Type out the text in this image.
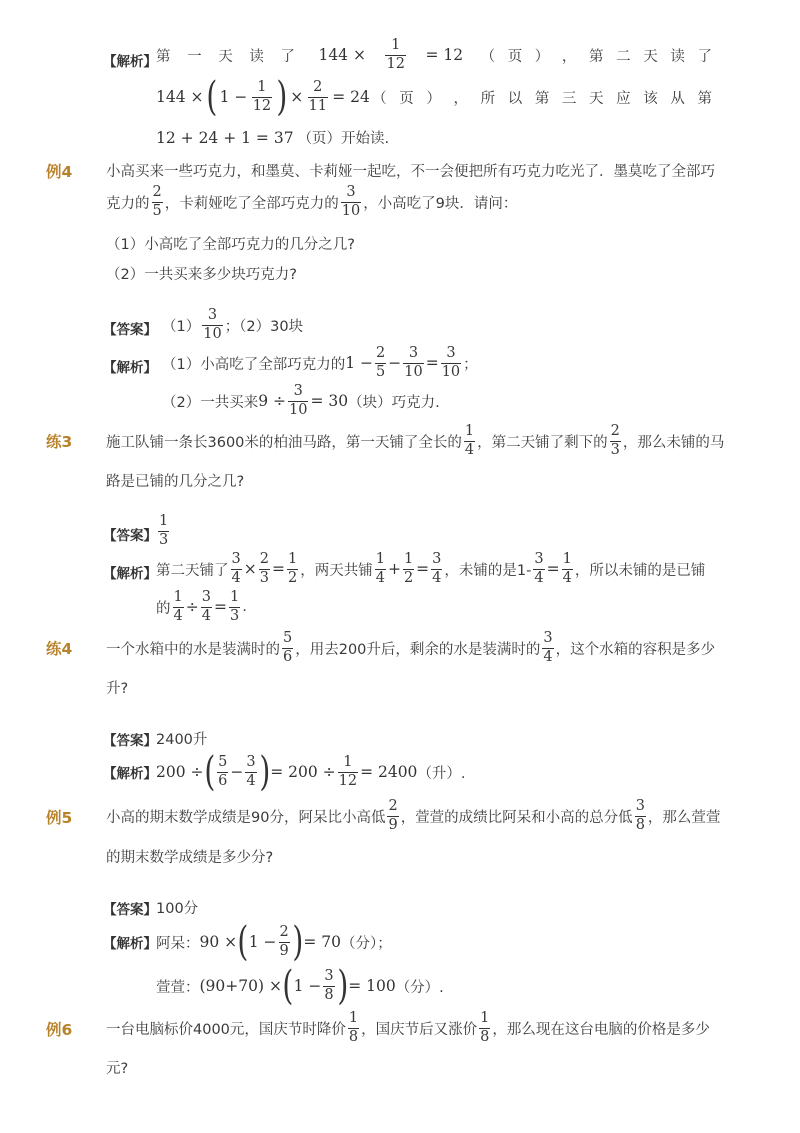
【解析】 第 一 天 读 了 $144 \times \frac{1}{12} = 12$ （ 页 ） ， 第 二 天 读 了
144 × ( $1 - \frac{1}{12}$ ) × $\frac{2}{11} = 24$ （ 页 ） ， 所 以 第 三 天 应 该 从 第
12 + 24 + 1 = 37 （页）开始读.
例4 小高买来一些巧克力，和墨莫、卡莉娅一起吃，不一会便把所有巧克力吃光了．墨莫吃了全部巧
克力的 $\frac{2}{5}$ ，卡莉娅吃了全部巧克力的 $\frac{3}{10}$ ，小高吃了9块．请问：
（1）小高吃了全部巧克力的几分之几?
（2）一共买来多少块巧克力?
【答案】 $(1) \frac{3}{10}$ ；（2）30块
【解析】 （1）小高吃了全部巧克力的 $1 - \frac{2}{5} - \frac{3}{10} = \frac{3}{10}$ ；
（2）一共买来 $9 \div \frac{3}{10} = 30$ （块）巧克力.
练3 施工队铺一条长3600米的柏油马路，第一天铺了全长的 $\frac{1}{4}$ ，第二天铺了剩下的 $\frac{2}{3}$ ，那么未铺的马
路是已铺的几分之几?
【答案】 $\frac{1}{3}$
【解析】 第二天铺了 $\frac{3}{4} \times \frac{2}{3} = \frac{1}{2}$ ，两天共铺 $\frac{1}{4} + \frac{1}{2} = \frac{3}{4}$ ，未铺的是$1- \frac{3}{4} = \frac{1}{4}$ ，所以未铺的是已铺
的 $\frac{1}{4} \div \frac{3}{4} = \frac{1}{3}$ .
练4 一个水箱中的水是装满时的 $\frac{5}{6}$ ，用去200升后，剩余的水是装满时的 $\frac{3}{4}$ ，这个水箱的容积是多少
升?
【答案】 2400升
【解析】 200 ÷ ( $\frac{5}{6} - \frac{3}{4}$ ) = $200 \div \frac{1}{12} = 2400$ （升）.
例5 小高的期末数学成绩是90分，阿呆比小高低 $\frac{2}{9}$ ，萱萱的成绩比阿呆和小高的总分低 $\frac{3}{8}$ ，那么萱萱
的期末数学成绩是多少分?
【答案】 100分
【解析】 阿呆： 90 × ( $1 - \frac{2}{9}$ ) = 70 （分）；
萱萱： (90+70) × ( $1 - \frac{3}{8}$ ) = 100 （分）.
例6 一台电脑标价4000元，国庆节时降价 $\frac{1}{8}$ ，国庆节后又涨价 $\frac{1}{8}$ ，那么现在这台电脑的价格是多少
元?
